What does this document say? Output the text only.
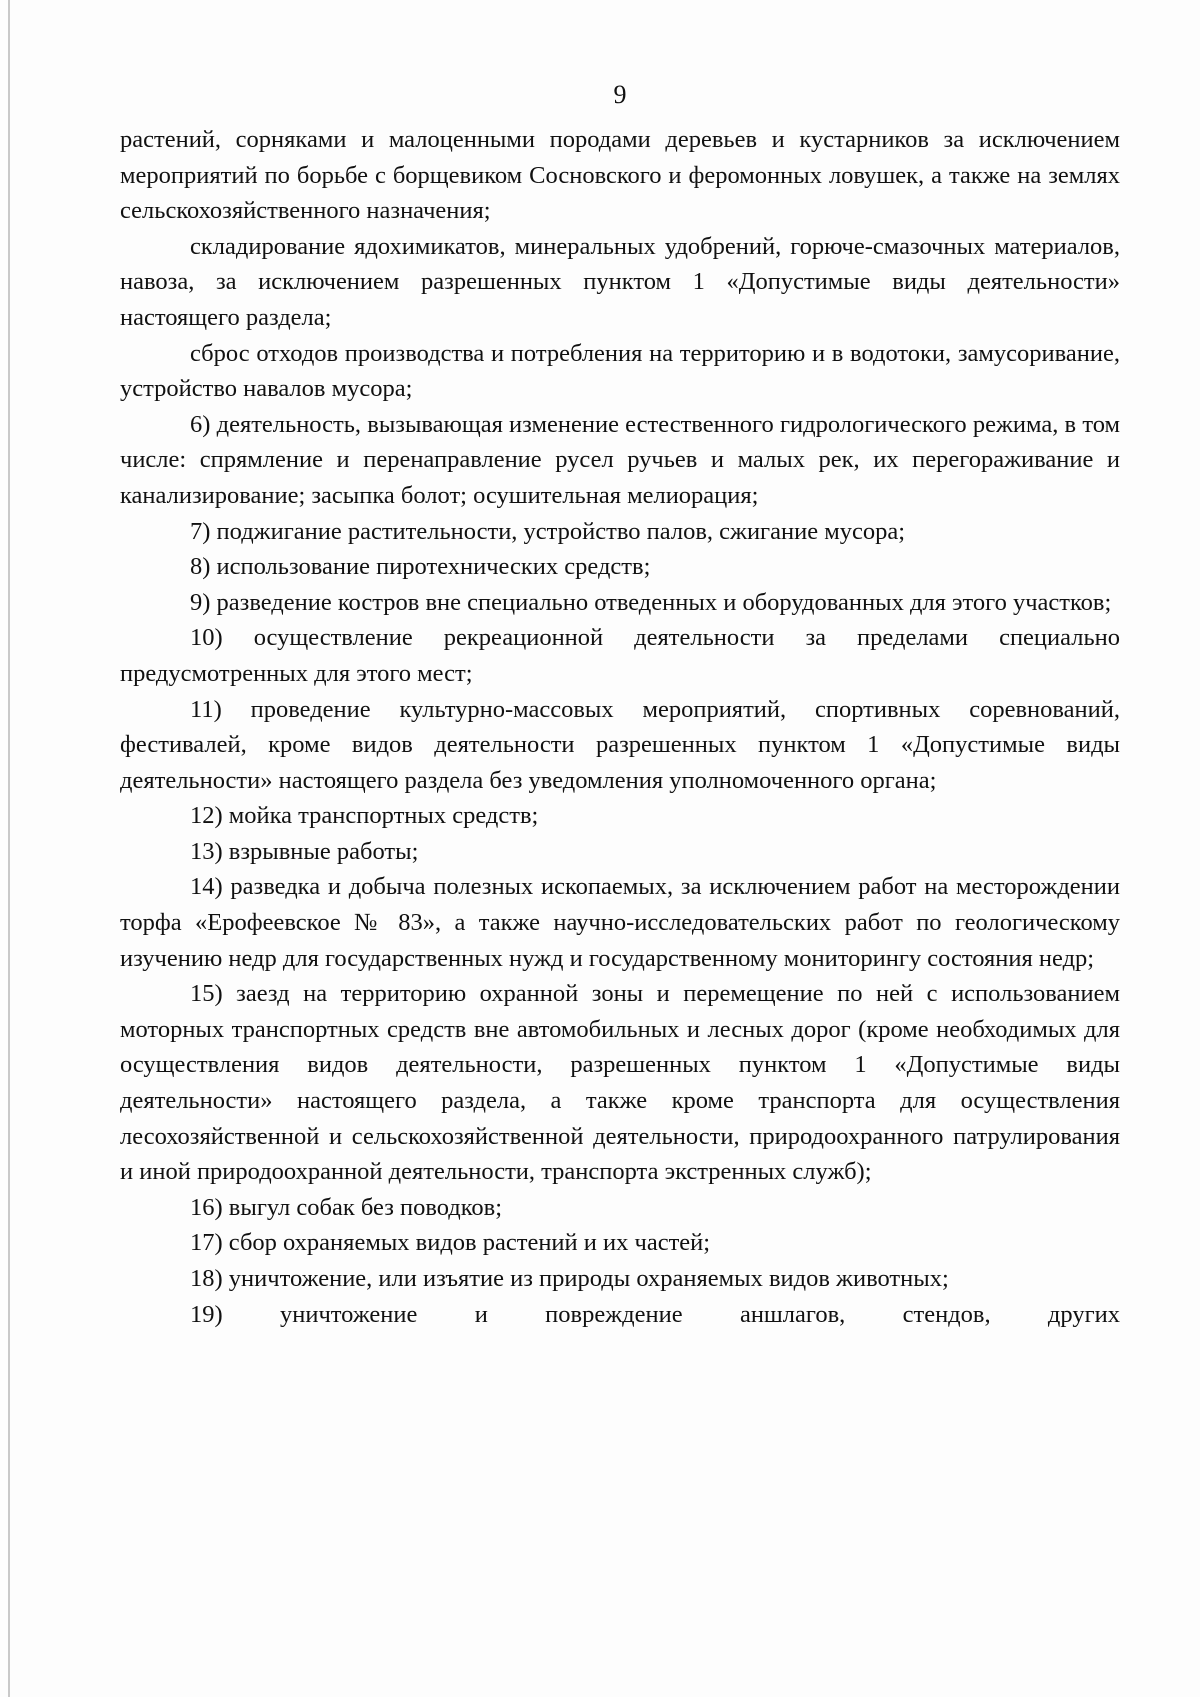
9

растений, сорняками и малоценными породами деревьев и кустарников за исключением мероприятий по борьбе с борщевиком Сосновского и феромонных ловушек, а также на землях сельскохозяйственного назначения;

складирование ядохимикатов, минеральных удобрений, горюче-смазочных материалов, навоза, за исключением разрешенных пунктом 1 «Допустимые виды деятельности» настоящего раздела;

сброс отходов производства и потребления на территорию и в водотоки, замусоривание, устройство навалов мусора;

6) деятельность, вызывающая изменение естественного гидрологического режима, в том числе: спрямление и перенаправление русел ручьев и малых рек, их перегораживание и канализирование; засыпка болот; осушительная мелиорация;

7) поджигание растительности, устройство палов, сжигание мусора;

8) использование пиротехнических средств;

9) разведение костров вне специально отведенных и оборудованных для этого участков;

10) осуществление рекреационной деятельности за пределами специально предусмотренных для этого мест;

11) проведение культурно-массовых мероприятий, спортивных соревнований, фестивалей, кроме видов деятельности разрешенных пунктом 1 «Допустимые виды деятельности» настоящего раздела без уведомления уполномоченного органа;

12) мойка транспортных средств;

13) взрывные работы;

14) разведка и добыча полезных ископаемых, за исключением работ на месторождении торфа «Ерофеевское № 83», а также научно-исследовательских работ по геологическому изучению недр для государственных нужд и государственному мониторингу состояния недр;

15) заезд на территорию охранной зоны и перемещение по ней с использованием моторных транспортных средств вне автомобильных и лесных дорог (кроме необходимых для осуществления видов деятельности, разрешенных пунктом 1 «Допустимые виды деятельности» настоящего раздела, а также кроме транспорта для осуществления лесохозяйственной и сельскохозяйственной деятельности, природоохранного патрулирования и иной природоохранной деятельности, транспорта экстренных служб);

16) выгул собак без поводков;

17) сбор охраняемых видов растений и их частей;

18) уничтожение, или изъятие из природы охраняемых видов животных;

19) уничтожение и повреждение аншлагов, стендов, других
